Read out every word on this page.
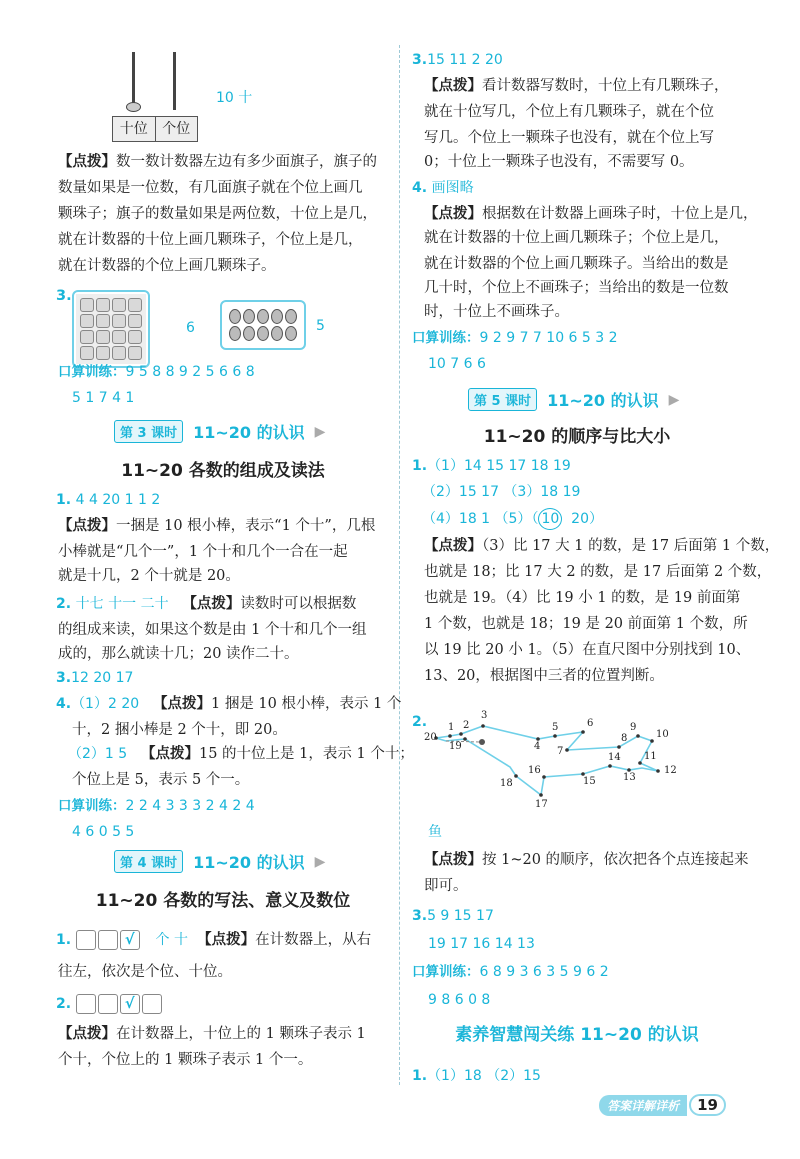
十位	个位
10 十
【点拨】数一数计数器左边有多少面旗子，旗子的
数量如果是一位数，有几面旗子就在个位上画几
颗珠子；旗子的数量如果是两位数，十位上是几，
就在计数器的十位上画几颗珠子，个位上是几，
就在计数器的个位上画几颗珠子。
3.
6	5
口算训练：9 5 8 8 9 2 5 6 6 8
5 1 7 4 1
第 3 课时	11~20 的认识 ▶
11~20 各数的组成及读法
1. 4 4 20 1 1 2
【点拨】一捆是 10 根小棒，表示“1 个十”，几根
小棒就是“几个一”，1 个十和几个一合在一起
就是十几，2 个十就是 20。
2. 十七 十一 二十 【点拨】读数时可以根据数
的组成来读，如果这个数是由 1 个十和几个一组
成的，那么就读十几；20 读作二十。
3.12 20 17
4.（1）2 20 【点拨】1 捆是 10 根小棒，表示 1 个
十，2 捆小棒是 2 个十，即 20。
（2）1 5 【点拨】15 的十位上是 1，表示 1 个十；
个位上是 5，表示 5 个一。
口算训练：2 2 4 3 3 3 2 4 2 4
4 6 0 5 5
第 4 课时	11~20 的认识 ▶
11~20 各数的写法、意义及数位
1.	√ 个 十 【点拨】在计数器上，从右
往左，依次是个位、十位。
2.	√
【点拨】在计数器上，十位上的 1 颗珠子表示 1
个十，个位上的 1 颗珠子表示 1 个一。
3.15 11 2 20
【点拨】看计数器写数时，十位上有几颗珠子，
就在十位写几，个位上有几颗珠子，就在个位
写几。个位上一颗珠子也没有，就在个位上写
0；十位上一颗珠子也没有，不需要写 0。
4. 画图略
【点拨】根据数在计数器上画珠子时，十位上是几，
就在计数器的十位上画几颗珠子；个位上是几，
就在计数器的个位上画几颗珠子。当给出的数是
几十时，个位上不画珠子；当给出的数是一位数
时，十位上不画珠子。
口算训练：9 2 9 7 7 10 6 5 3 2
10 7 6 6
第 5 课时	11~20 的认识 ▶
11~20 的顺序与比大小
1.（1）14 15 17 18 19
（2）15 17 （3）18 19
（4）18 1 （5）（ 10 20）
【点拨】（3）比 17 大 1 的数，是 17 后面第 1 个数，
也就是 18；比 17 大 2 的数，是 17 后面第 2 个数，
也就是 19。（4）比 19 小 1 的数，是 19 前面第
1 个数，也就是 18；19 是 20 前面第 1 个数，所
以 19 比 20 小 1。（5）在直尺图中分别找到 10、
13、20，根据图中三者的位置判断。
2. 1 2
3
4
5	6
7
8
9
10
11
12
13
14
15
16
17
18
19
20
鱼
【点拨】按 1~20 的顺序，依次把各个点连接起来
即可。
3.5 9 15 17
19 17 16 14 13
口算训练：6 8 9 3 6 3 5 9 6 2
9 8 6 0 8
素养智慧闯关练 11~20 的认识
1.（1）18 （2）15
答案详解详析	19
